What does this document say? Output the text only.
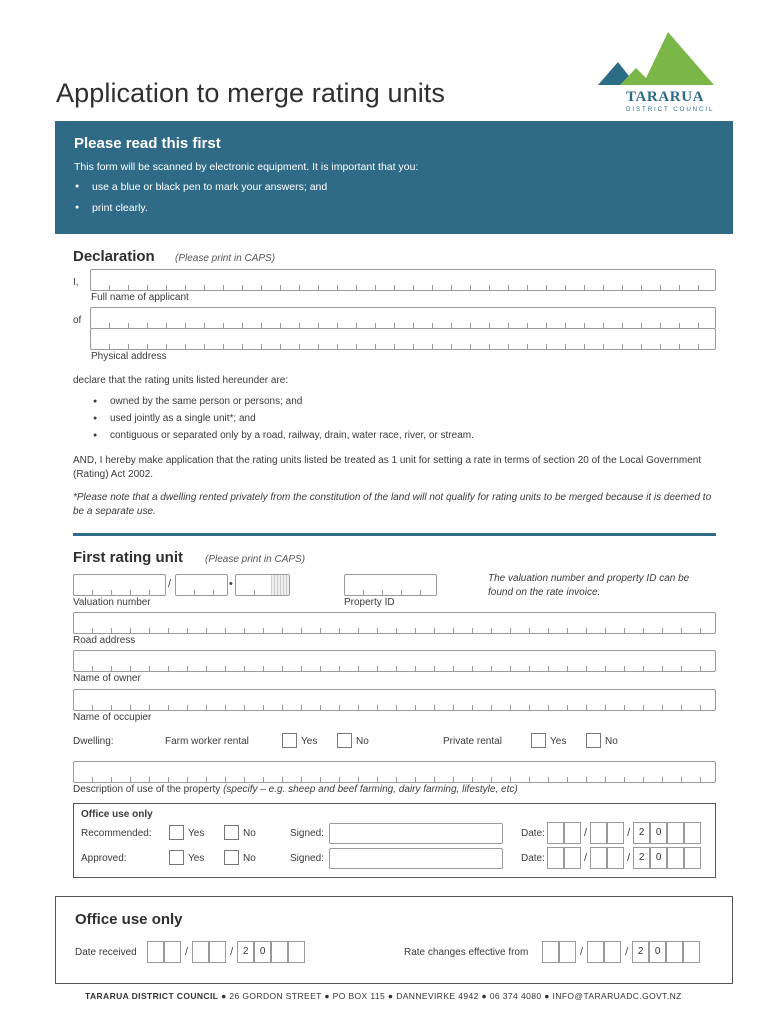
Application to merge rating units	TARARUA
DISTRICT COUNCIL
Please read this first
This form will be scanned by electronic equipment. It is important that you:
● use a blue or black pen to mark your answers; and
● print clearly.
Declaration (Please print in CAPS)
I,
Full name of applicant
of
Physical address
declare that the rating units listed hereunder are:
● owned by the same person or persons; and
● used jointly as a single unit*; and
● contiguous or separated only by a road, railway, drain, water race, river, or stream.
AND, I hereby make application that the rating units listed be treated as 1 unit for setting a rate in terms of section 20 of the Local Government (Rating) Act 2002.
*Please note that a dwelling rented privately from the constitution of the land will not qualify for rating units to be merged because it is deemed to be a separate use.
First rating unit (Please print in CAPS)
/	•
Valuation number	Property ID
The valuation number and property ID can be found on the rate invoice.
Road address
Name of owner
Name of occupier
Dwelling:	Farm worker rental	Yes	No	Private rental	Yes	No
Description of use of the property (specify – e.g. sheep and beef farming, dairy farming, lifestyle, etc)
Office use only
Recommended:	Yes	No	Signed:	Date:	/	/ 2	0
Approved:	Yes	No	Signed:	Date:	/	/ 2	0
Office use only
Date received	/	/ 2	0	Rate changes effective from	/	/ 2	0
TARARUA DISTRICT COUNCIL ● 26 GORDON STREET ● PO BOX 115 ● DANNEVIRKE 4942 ● 06 374 4080 ● INFO@TARARUADC.GOVT.NZ
